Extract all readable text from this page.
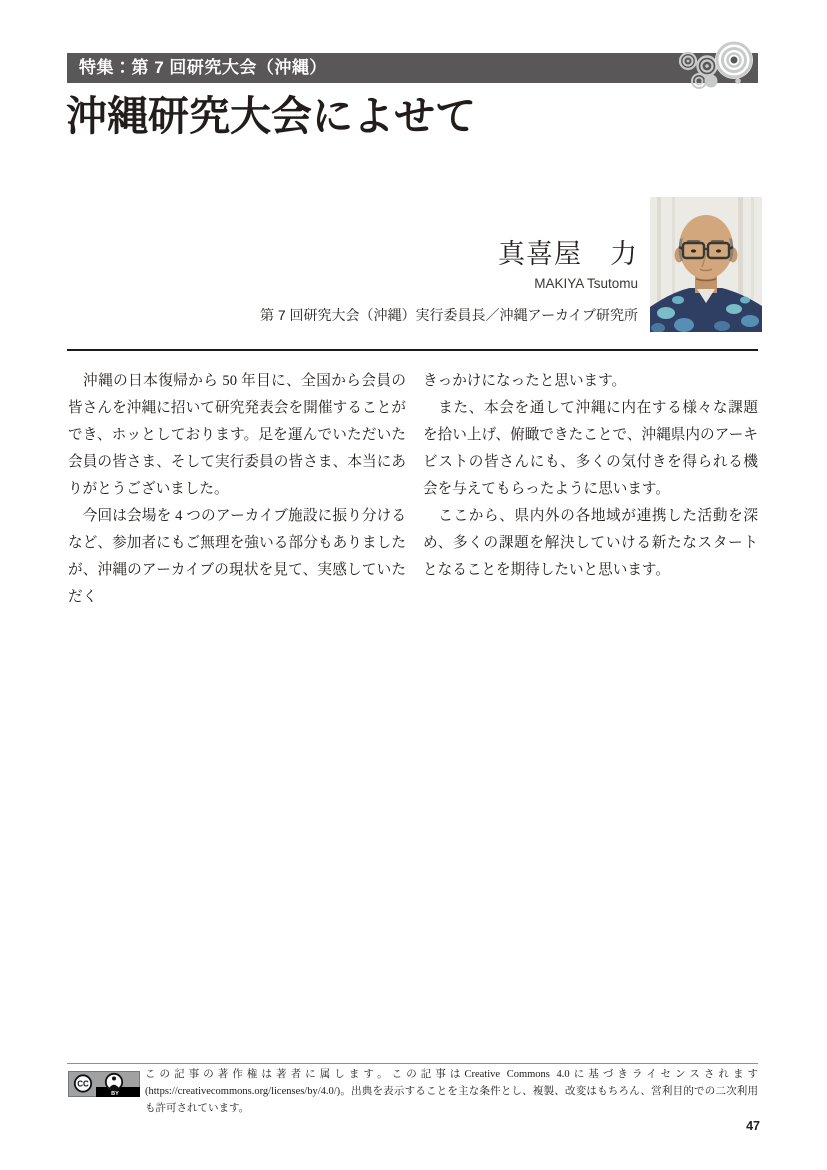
特集：第 7 回研究大会（沖縄）
沖縄研究大会によせて
真喜屋　力
MAKIYA Tsutomu
第 7 回研究大会（沖縄）実行委員長／沖縄アーカイブ研究所

　沖縄の日本復帰から 50 年目に、全国から会員の皆さんを沖縄に招いて研究発表会を開催することができ、ホッとしております。足を運んでいただいた会員の皆さま、そして実行委員の皆さま、本当にありがとうございました。

　今回は会場を 4 つのアーカイブ施設に振り分けるなど、参加者にもご無理を強いる部分もありましたが、沖縄のアーカイブの現状を見て、実感していただく

きっかけになったと思います。

　また、本会を通して沖縄に内在する様々な課題を拾い上げ、俯瞰できたことで、沖縄県内のアーキビストの皆さんにも、多くの気付きを得られる機会を与えてもらったように思います。

　ここから、県内外の各地域が連携した活動を深め、多くの課題を解決していける新たなスタートとなることを期待したいと思います。

CC
BY

この記事の著作権は著者に属します。この記事はCreative Commons 4.0に基づきライセンスされます(https://creativecommons.org/licenses/by/4.0/)。出典を表示することを主な条件とし、複製、改変はもちろん、営利目的での二次利用も許可されています。

47
